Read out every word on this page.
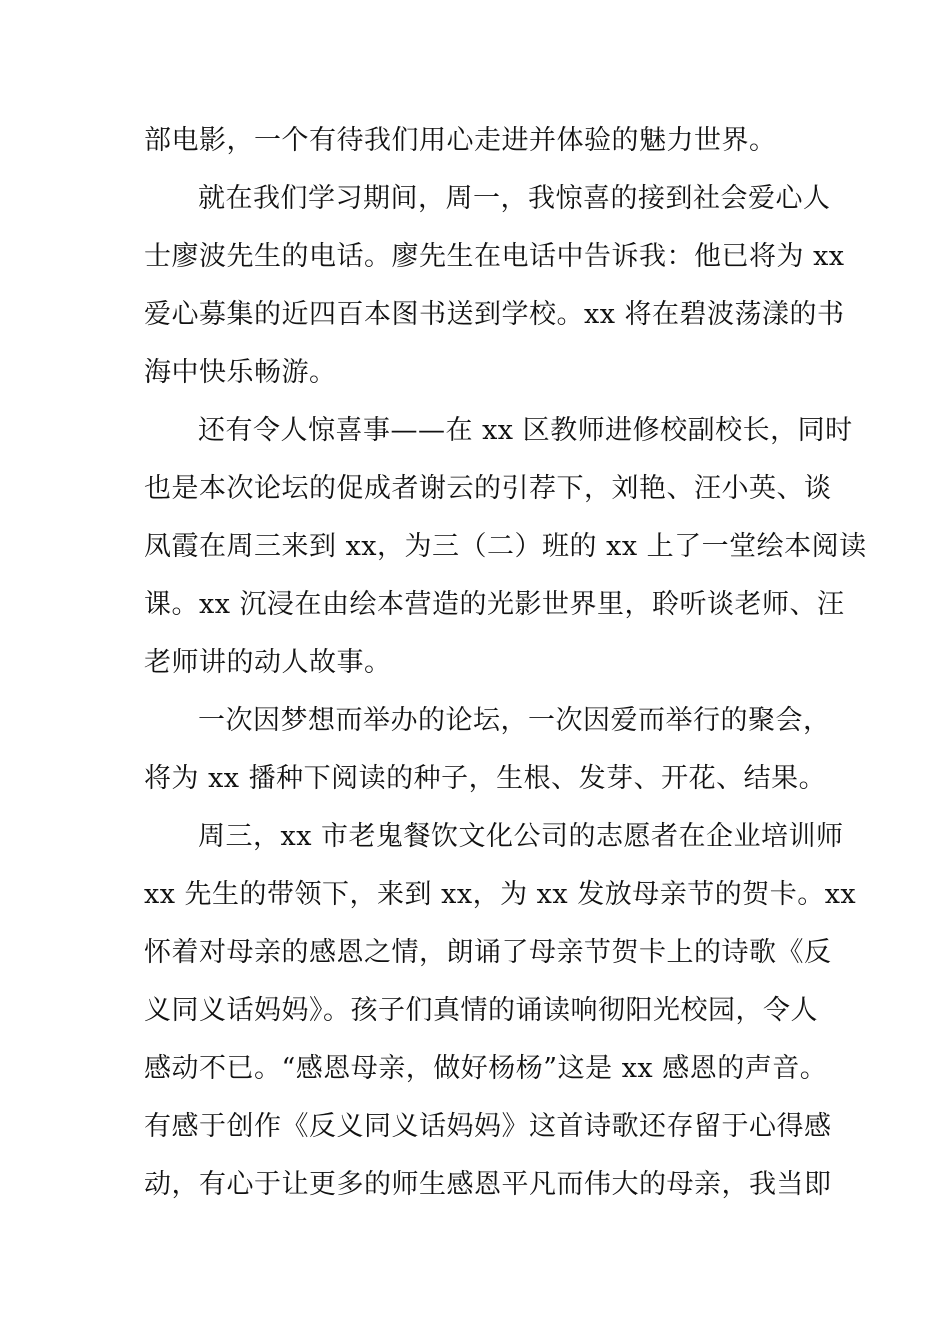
部电影，一个有待我们用心走进并体验的魅力世界。
就在我们学习期间，周一，我惊喜的接到社会爱心人
士廖波先生的电话。廖先生在电话中告诉我：他已将为 xx
爱心募集的近四百本图书送到学校。xx 将在碧波荡漾的书
海中快乐畅游。
还有令人惊喜事——在 xx 区教师进修校副校长，同时
也是本次论坛的促成者谢云的引荐下，刘艳、汪小英、谈
凤霞在周三来到 xx，为三（二）班的 xx 上了一堂绘本阅读
课。xx 沉浸在由绘本营造的光影世界里，聆听谈老师、汪
老师讲的动人故事。
一次因梦想而举办的论坛，一次因爱而举行的聚会，
将为 xx 播种下阅读的种子，生根、发芽、开花、结果。
周三，xx 市老鬼餐饮文化公司的志愿者在企业培训师
xx 先生的带领下，来到 xx，为 xx 发放母亲节的贺卡。xx
怀着对母亲的感恩之情，朗诵了母亲节贺卡上的诗歌《反
义同义话妈妈》。孩子们真情的诵读响彻阳光校园，令人
感动不已。“感恩母亲，做好杨杨”这是 xx 感恩的声音。
有感于创作《反义同义话妈妈》这首诗歌还存留于心得感
动，有心于让更多的师生感恩平凡而伟大的母亲，我当即
